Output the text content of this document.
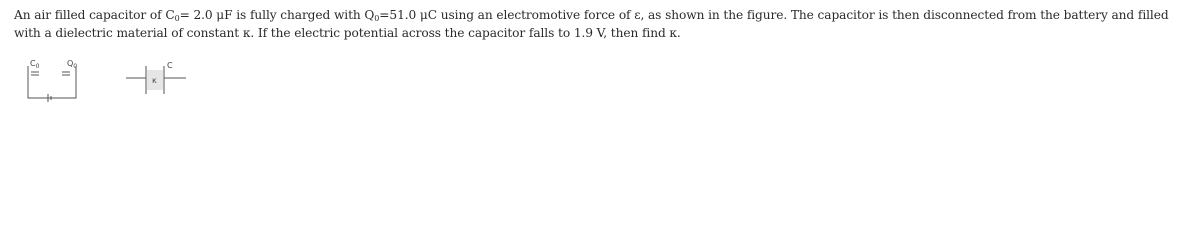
An air filled capacitor of $C_0= 2.0$ μF is fully charged with $Q_0=51.0$ μC using an electromotive force of ε, as shown in the figure. The capacitor is then disconnected from the battery and filled with a dielectric material of constant κ. If the electric potential across the capacitor falls to 1.9 V, then find κ.
$C_0$	$Q_0$
κ
C
